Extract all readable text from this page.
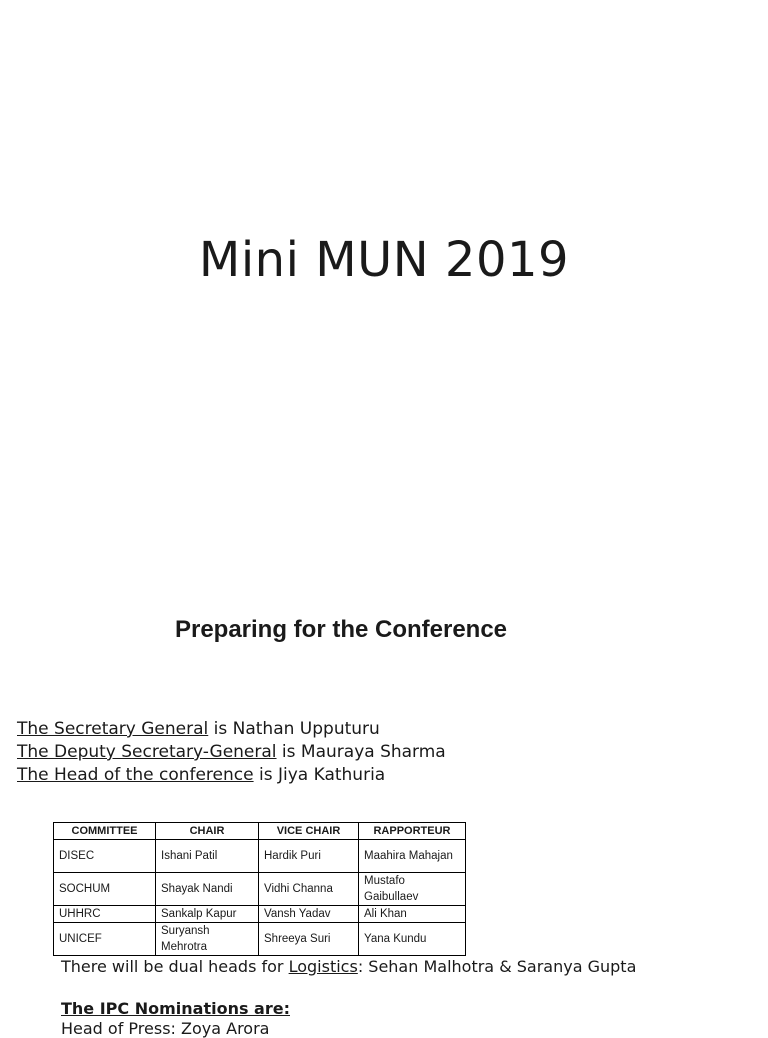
Mini MUN 2019
Preparing for the Conference
The Secretary General is Nathan Upputuru
The Deputy Secretary-General is Mauraya Sharma
The Head of the conference is Jiya Kathuria
COMMITTEE	CHAIR	VICE CHAIR	RAPPORTEUR
DISEC	Ishani Patil	Hardik Puri	Maahira Mahajan
SOCHUM	Shayak Nandi	Vidhi Channa	Mustafo Gaibullaev
UHHRC	Sankalp Kapur	Vansh Yadav	Ali Khan
UNICEF	Suryansh Mehrotra	Shreeya Suri	Yana Kundu
There will be dual heads for Logistics: Sehan Malhotra & Saranya Gupta
The IPC Nominations are:
Head of Press: Zoya Arora
